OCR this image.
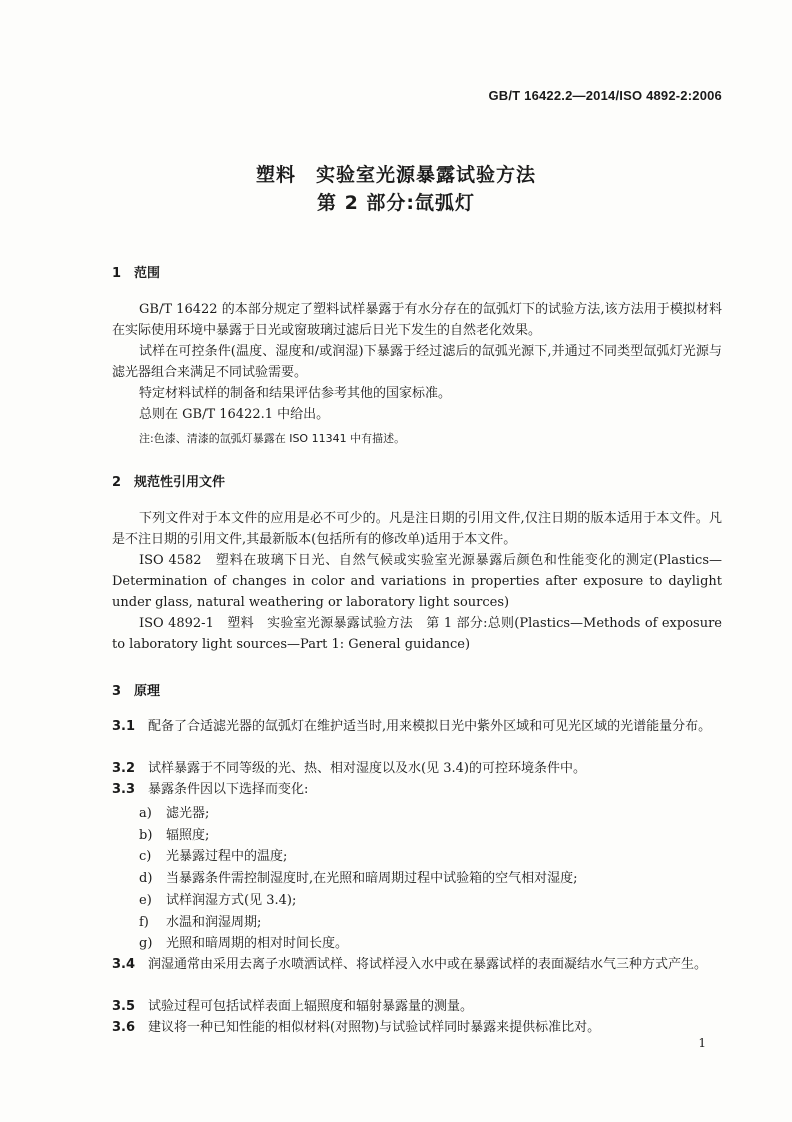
GB/T 16422.2—2014/ISO 4892-2:2006
塑料　实验室光源暴露试验方法
第 2 部分:氙弧灯
1 范围
GB/T 16422 的本部分规定了塑料试样暴露于有水分存在的氙弧灯下的试验方法,该方法用于模拟材料在实际使用环境中暴露于日光或窗玻璃过滤后日光下发生的自然老化效果。
试样在可控条件(温度、湿度和/或润湿)下暴露于经过滤后的氙弧光源下,并通过不同类型氙弧灯光源与滤光器组合来满足不同试验需要。
特定材料试样的制备和结果评估参考其他的国家标准。
总则在 GB/T 16422.1 中给出。
注:色漆、清漆的氙弧灯暴露在 ISO 11341 中有描述。
2 规范性引用文件
下列文件对于本文件的应用是必不可少的。凡是注日期的引用文件,仅注日期的版本适用于本文件。凡是不注日期的引用文件,其最新版本(包括所有的修改单)适用于本文件。
ISO 4582　塑料在玻璃下日光、自然气候或实验室光源暴露后颜色和性能变化的测定(Plastics—Determination of changes in color and variations in properties after exposure to daylight under glass, natural weathering or laboratory light sources)
ISO 4892-1　塑料　实验室光源暴露试验方法　第 1 部分:总则(Plastics—Methods of exposure to laboratory light sources—Part 1: General guidance)
3 原理
3.1 配备了合适滤光器的氙弧灯在维护适当时,用来模拟日光中紫外区域和可见光区域的光谱能量分布。
3.2 试样暴露于不同等级的光、热、相对湿度以及水(见 3.4)的可控环境条件中。
3.3 暴露条件因以下选择而变化:
a) 滤光器;
b) 辐照度;
c) 光暴露过程中的温度;
d) 当暴露条件需控制湿度时,在光照和暗周期过程中试验箱的空气相对湿度;
e) 试样润湿方式(见 3.4);
f) 水温和润湿周期;
g) 光照和暗周期的相对时间长度。
3.4 润湿通常由采用去离子水喷洒试样、将试样浸入水中或在暴露试样的表面凝结水气三种方式产生。
3.5 试验过程可包括试样表面上辐照度和辐射暴露量的测量。
3.6 建议将一种已知性能的相似材料(对照物)与试验试样同时暴露来提供标准比对。
1
